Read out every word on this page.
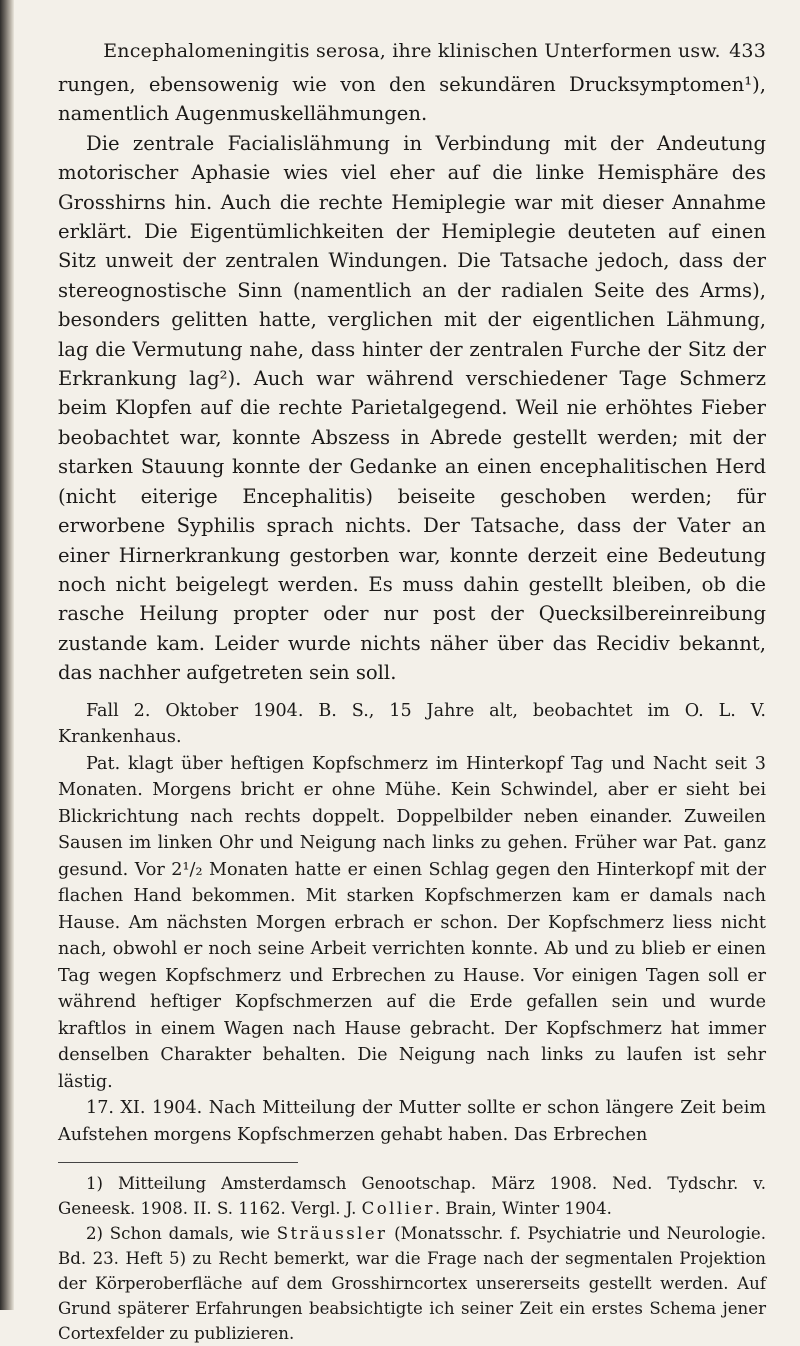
Encephalomeningitis serosa, ihre klinischen Unterformen usw. 433

rungen, ebensowenig wie von den sekundären Drucksymptomen¹), namentlich Augenmuskellähmungen.

Die zentrale Facialislähmung in Verbindung mit der Andeutung motorischer Aphasie wies viel eher auf die linke Hemisphäre des Grosshirns hin. Auch die rechte Hemiplegie war mit dieser Annahme erklärt. Die Eigentümlichkeiten der Hemiplegie deuteten auf einen Sitz unweit der zentralen Windungen. Die Tatsache jedoch, dass der stereognostische Sinn (namentlich an der radialen Seite des Arms), besonders gelitten hatte, verglichen mit der eigentlichen Lähmung, lag die Vermutung nahe, dass hinter der zentralen Furche der Sitz der Erkrankung lag²). Auch war während verschiedener Tage Schmerz beim Klopfen auf die rechte Parietalgegend. Weil nie erhöhtes Fieber beobachtet war, konnte Abszess in Abrede gestellt werden; mit der starken Stauung konnte der Gedanke an einen encephalitischen Herd (nicht eiterige Encephalitis) beiseite geschoben werden; für erworbene Syphilis sprach nichts. Der Tatsache, dass der Vater an einer Hirnerkrankung gestorben war, konnte derzeit eine Bedeutung noch nicht beigelegt werden. Es muss dahin gestellt bleiben, ob die rasche Heilung propter oder nur post der Quecksilbereinreibung zustande kam. Leider wurde nichts näher über das Recidiv bekannt, das nachher aufgetreten sein soll.

Fall 2. Oktober 1904. B. S., 15 Jahre alt, beobachtet im O. L. V. Krankenhaus.

Pat. klagt über heftigen Kopfschmerz im Hinterkopf Tag und Nacht seit 3 Monaten. Morgens bricht er ohne Mühe. Kein Schwindel, aber er sieht bei Blickrichtung nach rechts doppelt. Doppelbilder neben einander. Zuweilen Sausen im linken Ohr und Neigung nach links zu gehen. Früher war Pat. ganz gesund. Vor 2¹/₂ Monaten hatte er einen Schlag gegen den Hinterkopf mit der flachen Hand bekommen. Mit starken Kopfschmerzen kam er damals nach Hause. Am nächsten Morgen erbrach er schon. Der Kopfschmerz liess nicht nach, obwohl er noch seine Arbeit verrichten konnte. Ab und zu blieb er einen Tag wegen Kopfschmerz und Erbrechen zu Hause. Vor einigen Tagen soll er während heftiger Kopfschmerzen auf die Erde gefallen sein und wurde kraftlos in einem Wagen nach Hause gebracht. Der Kopfschmerz hat immer denselben Charakter behalten. Die Neigung nach links zu laufen ist sehr lästig.

17. XI. 1904. Nach Mitteilung der Mutter sollte er schon längere Zeit beim Aufstehen morgens Kopfschmerzen gehabt haben. Das Erbrechen

1) Mitteilung Amsterdamsch Genootschap. März 1908. Ned. Tydschr. v. Geneesk. 1908. II. S. 1162. Vergl. J. Collier. Brain, Winter 1904.

2) Schon damals, wie Sträussler (Monatsschr. f. Psychiatrie und Neurologie. Bd. 23. Heft 5) zu Recht bemerkt, war die Frage nach der segmentalen Projektion der Körperoberfläche auf dem Grosshirncortex unsererseits gestellt werden. Auf Grund späterer Erfahrungen beabsichtigte ich seiner Zeit ein erstes Schema jener Cortexfelder zu publizieren.
